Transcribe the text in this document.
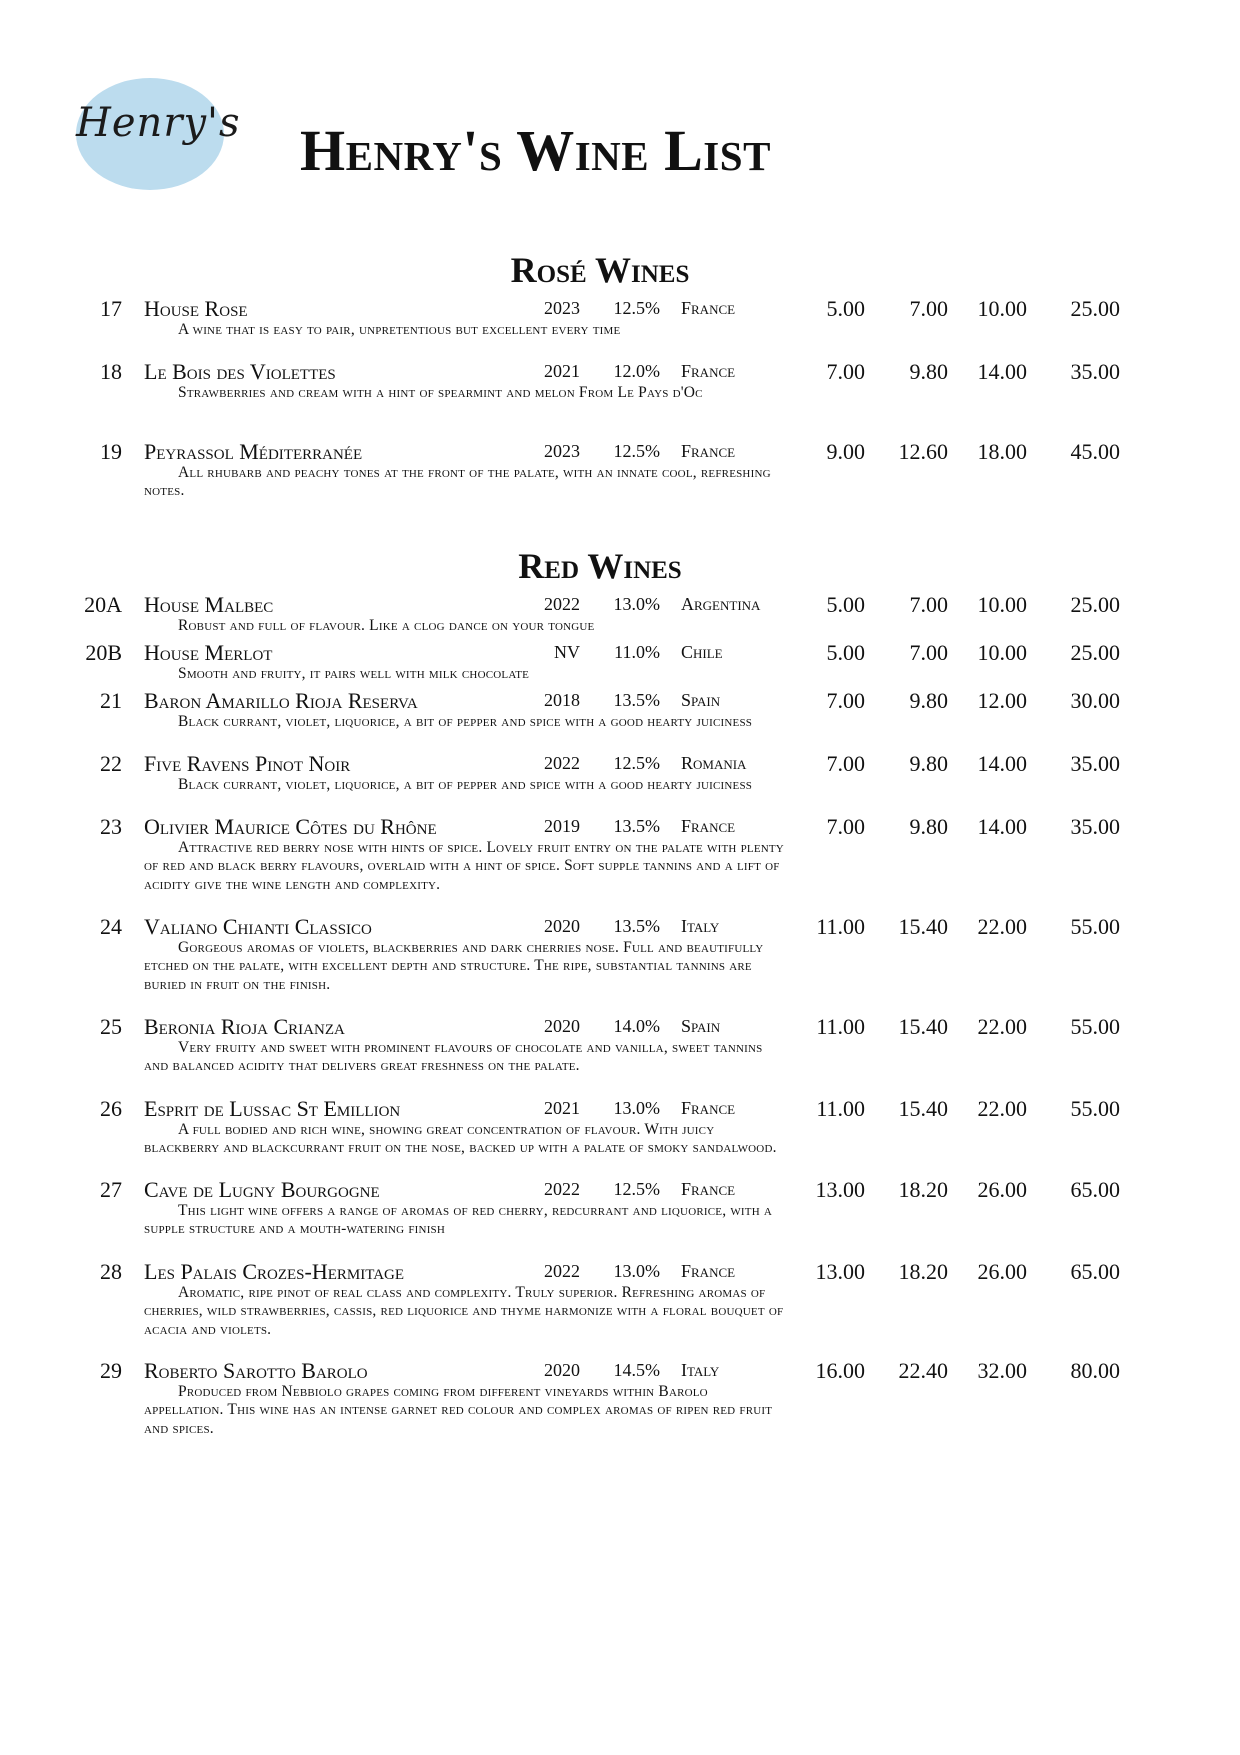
Henry's Henry's Wine List
Rosé Wines
17 House Rose	2023	12.5% France	5.00	7.00	10.00	25.00
A wine that is easy to pair, unpretentious but excellent every time
18 Le Bois des Violettes	2021	12.0% France	7.00	9.80	14.00	35.00
Strawberries and cream with a hint of spearmint and melon From Le Pays d'Oc
19 Peyrassol Méditerranée	2023	12.5% France	9.00	12.60	18.00	45.00
All rhubarb and peachy tones at the front of the palate, with an innate cool, refreshing notes.
Red Wines
20A House Malbec	2022	13.0% Argentina	5.00	7.00	10.00	25.00
Robust and full of flavour. Like a clog dance on your tongue
20B House Merlot	NV	11.0% Chile	5.00	7.00	10.00	25.00
Smooth and fruity, it pairs well with milk chocolate
21 Baron Amarillo Rioja Reserva	2018	13.5% Spain	7.00	9.80	12.00	30.00
Black currant, violet, liquorice, a bit of pepper and spice with a good hearty juiciness
22 Five Ravens Pinot Noir	2022	12.5% Romania	7.00	9.80	14.00	35.00
Black currant, violet, liquorice, a bit of pepper and spice with a good hearty juiciness
23 Olivier Maurice Côtes du Rhône	2019	13.5% France	7.00	9.80	14.00	35.00
Attractive red berry nose with hints of spice. Lovely fruit entry on the palate with plenty of red and black berry flavours, overlaid with a hint of spice. Soft supple tannins and a lift of acidity give the wine length and complexity.
24 Valiano Chianti Classico	2020	13.5% Italy	11.00	15.40	22.00	55.00
Gorgeous aromas of violets, blackberries and dark cherries nose. Full and beautifully etched on the palate, with excellent depth and structure. The ripe, substantial tannins are buried in fruit on the finish.
25 Beronia Rioja Crianza	2020	14.0% Spain	11.00	15.40	22.00	55.00
Very fruity and sweet with prominent flavours of chocolate and vanilla, sweet tannins and balanced acidity that delivers great freshness on the palate.
26 Esprit de Lussac St Emillion	2021	13.0% France	11.00	15.40	22.00	55.00
A full bodied and rich wine, showing great concentration of flavour. With juicy blackberry and blackcurrant fruit on the nose, backed up with a palate of smoky sandalwood.
27 Cave de Lugny Bourgogne	2022	12.5% France	13.00	18.20	26.00	65.00
This light wine offers a range of aromas of red cherry, redcurrant and liquorice, with a supple structure and a mouth-watering finish
28 Les Palais Crozes-Hermitage	2022	13.0% France	13.00	18.20	26.00	65.00
Aromatic, ripe pinot of real class and complexity. Truly superior. Refreshing aromas of cherries, wild strawberries, cassis, red liquorice and thyme harmonize with a floral bouquet of acacia and violets.
29 Roberto Sarotto Barolo	2020	14.5% Italy	16.00	22.40	32.00	80.00
Produced from Nebbiolo grapes coming from different vineyards within Barolo appellation. This wine has an intense garnet red colour and complex aromas of ripen red fruit and spices.
